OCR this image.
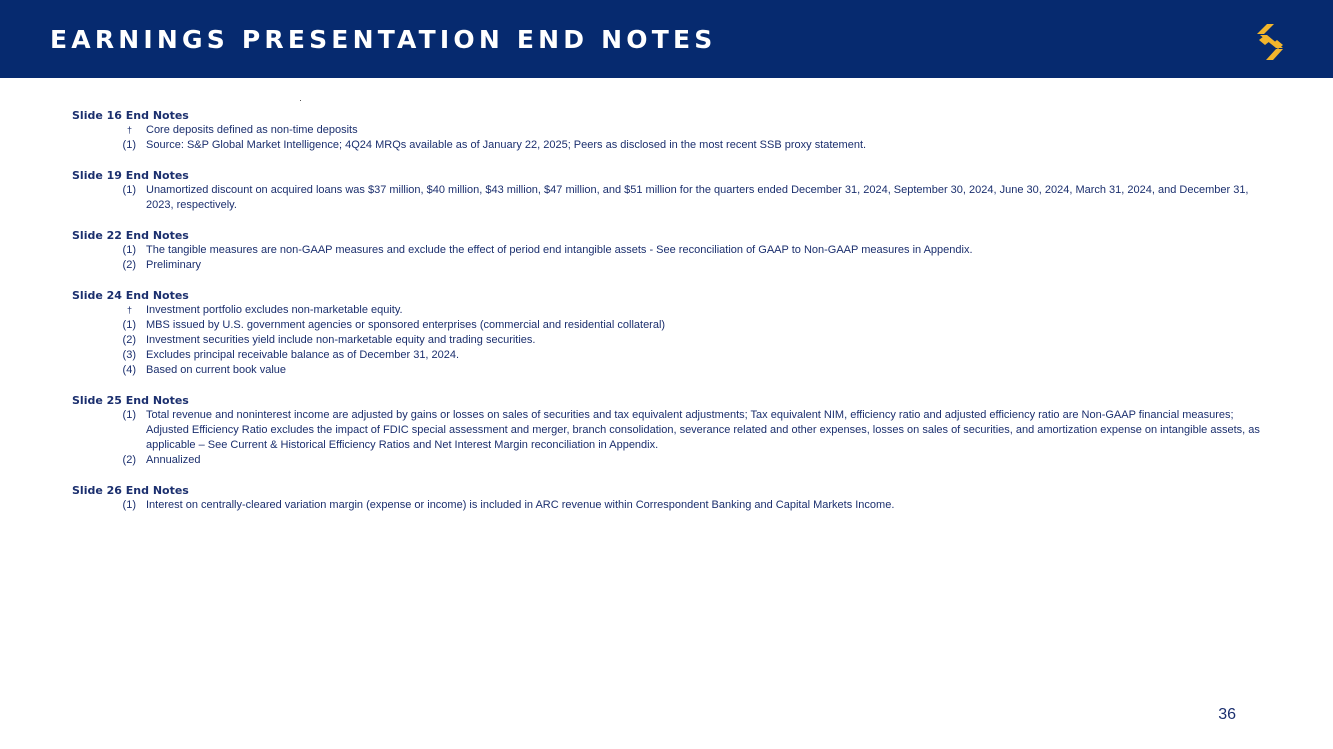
EARNINGS PRESENTATION END NOTES
Slide 16 End Notes
†	Core deposits defined as non-time deposits
(1) Source: S&P Global Market Intelligence; 4Q24 MRQs available as of January 22, 2025; Peers as disclosed in the most recent SSB proxy statement.
Slide 19 End Notes
(1) Unamortized discount on acquired loans was $37 million, $40 million, $43 million, $47 million, and $51 million for the quarters ended December 31, 2024, September 30, 2024, June 30, 2024, March 31, 2024, and December 31, 2023, respectively.
Slide 22 End Notes
(1) The tangible measures are non-GAAP measures and exclude the effect of period end intangible assets - See reconciliation of GAAP to Non-GAAP measures in Appendix.
(2) Preliminary
Slide 24 End Notes
†	Investment portfolio excludes non-marketable equity.
(1) MBS issued by U.S. government agencies or sponsored enterprises (commercial and residential collateral)
(2) Investment securities yield include non-marketable equity and trading securities.
(3) Excludes principal receivable balance as of December 31, 2024.
(4) Based on current book value
Slide 25 End Notes
(1) Total revenue and noninterest income are adjusted by gains or losses on sales of securities and tax equivalent adjustments; Tax equivalent NIM, efficiency ratio and adjusted efficiency ratio are Non-GAAP financial measures; Adjusted Efficiency Ratio excludes the impact of FDIC special assessment and merger, branch consolidation, severance related and other expenses, losses on sales of securities, and amortization expense on intangible assets, as applicable – See Current & Historical Efficiency Ratios and Net Interest Margin reconciliation in Appendix.
(2) Annualized
Slide 26 End Notes
(1) Interest on centrally-cleared variation margin (expense or income) is included in ARC revenue within Correspondent Banking and Capital Markets Income.
36
